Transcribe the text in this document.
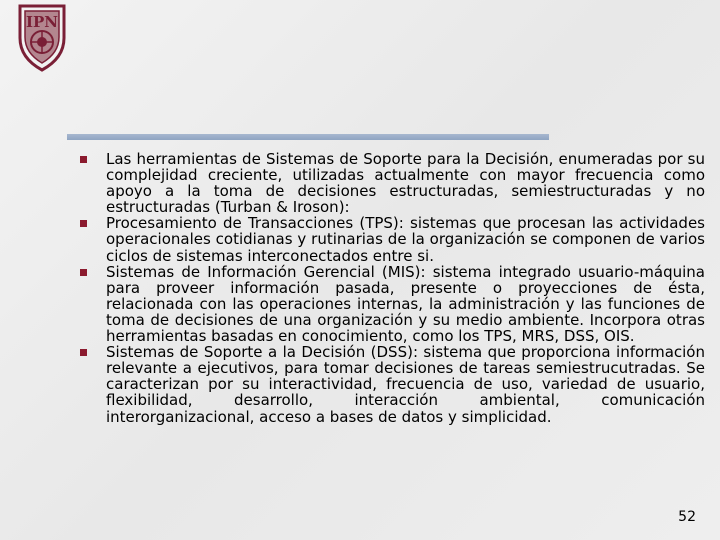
IPN
Las herramientas de Sistemas de Soporte para la Decisión, enumeradas por su complejidad creciente, utilizadas actualmente con mayor frecuencia como apoyo a la toma de decisiones estructuradas, semiestructuradas y no estructuradas (Turban & Iroson):
Procesamiento de Transacciones (TPS): sistemas que procesan las actividades operacionales cotidianas y rutinarias de la organización se componen de varios ciclos de sistemas interconectados entre si.
Sistemas de Información Gerencial (MIS): sistema integrado usuario-máquina para proveer información pasada, presente o proyecciones de ésta, relacionada con las operaciones internas, la administración y las funciones de toma de decisiones de una organización y su medio ambiente. Incorpora otras herramientas basadas en conocimiento, como los TPS, MRS, DSS, OIS.
Sistemas de Soporte a la Decisión (DSS): sistema que proporciona información relevante a ejecutivos, para tomar decisiones de tareas semiestrucutradas. Se caracterizan por su interactividad, frecuencia de uso, variedad de usuario, flexibilidad, desarrollo, interacción ambiental, comunicación interorganizacional, acceso a bases de datos y simplicidad.
52
